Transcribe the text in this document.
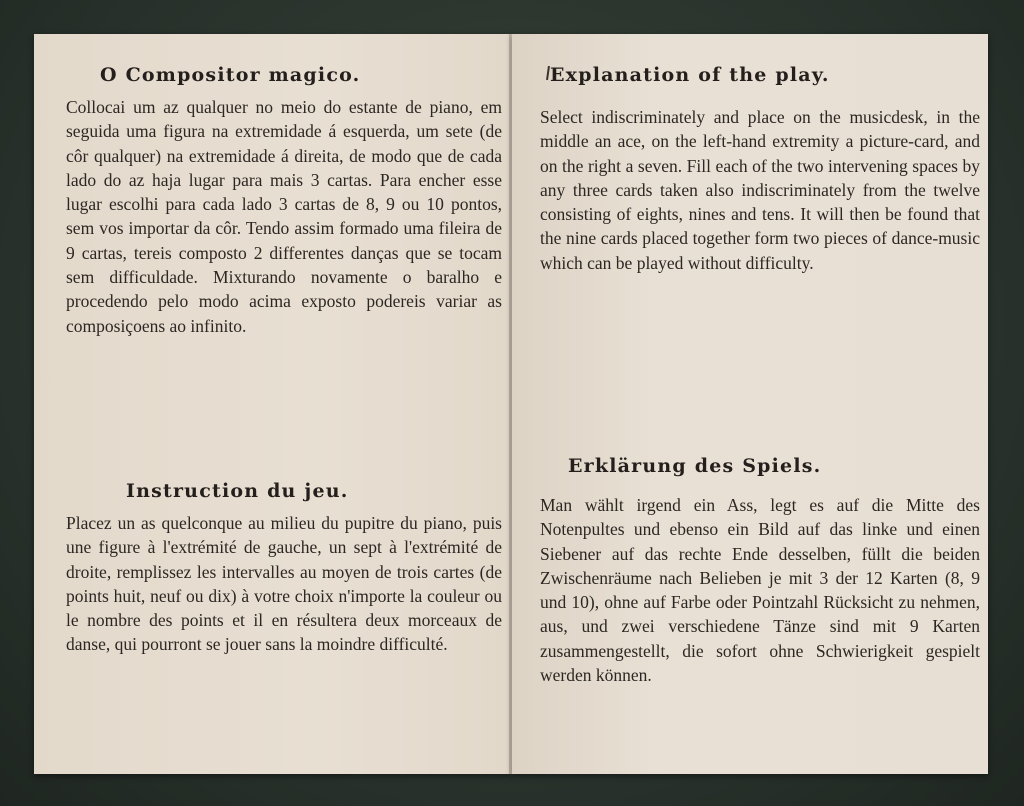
O Compositor magico.

Collocai um az qualquer no meio do estante de piano, em seguida uma figura na extremidade á esquerda, um sete (de côr qualquer) na extremidade á direita, de modo que de cada lado do az haja lugar para mais 3 cartas. Para encher esse lugar escolhi para cada lado 3 cartas de 8, 9 ou 10 pontos, sem vos importar da côr. Tendo assim formado uma fileira de 9 cartas, tereis composto 2 differentes danças que se tocam sem difficuldade. Mixturando novamente o baralho e procedendo pelo modo acima exposto podereis variar as composiçoens ao infinito.

Instruction du jeu.

Placez un as quelconque au milieu du pupitre du piano, puis une figure à l'extrémité de gauche, un sept à l'extrémité de droite, remplissez les intervalles au moyen de trois cartes (de points huit, neuf ou dix) à votre choix n'importe la couleur ou le nombre des points et il en résultera deux morceaux de danse, qui pourront se jouer sans la moindre difficulté.

Explanation of the play.

Select indiscriminately and place on the musicdesk, in the middle an ace, on the left-hand extremity a picture-card, and on the right a seven. Fill each of the two intervening spaces by any three cards taken also indiscriminately from the twelve consisting of eights, nines and tens. It will then be found that the nine cards placed together form two pieces of dance-music which can be played without difficulty.

Erklärung des Spiels.

Man wählt irgend ein Ass, legt es auf die Mitte des Notenpultes und ebenso ein Bild auf das linke und einen Siebener auf das rechte Ende desselben, füllt die beiden Zwischenräume nach Belieben je mit 3 der 12 Karten (8, 9 und 10), ohne auf Farbe oder Pointzahl Rücksicht zu nehmen, aus, und zwei verschiedene Tänze sind mit 9 Karten zusammengestellt, die sofort ohne Schwierigkeit gespielt werden können.
